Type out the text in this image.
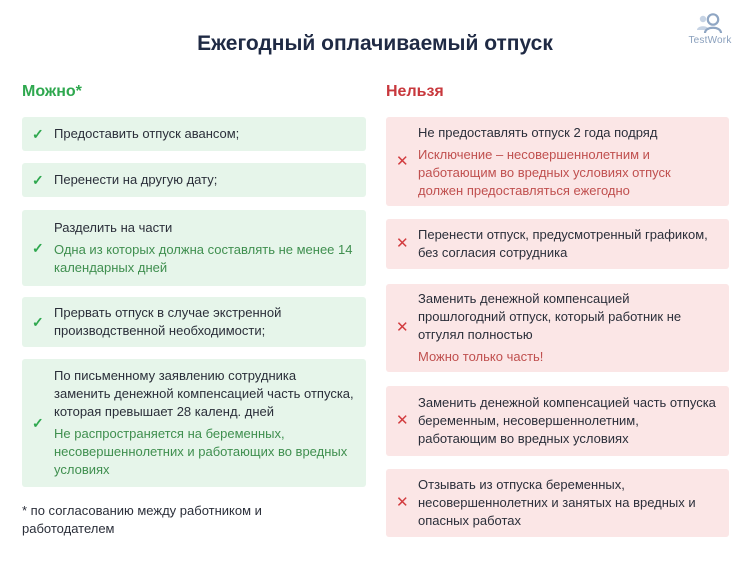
Ежегодный оплачиваемый отпуск	TestWork
Можно*	Нельзя
✓ Предоставить отпуск авансом;
✓ Перенести на другую дату;
✓
Разделить на части
Одна из которых должна составлять не менее 14 календарных дней
✓
Прервать отпуск в случае экстренной производственной необходимости;
✓
По письменному заявлению сотрудника заменить денежной компенсацией часть отпуска, которая превышает 28 календ. дней
Не распространяется на беременных, несовершеннолетних и работающих во вредных условиях
✕
Не предоставлять отпуск 2 года подряд
Исключение – несовершеннолетним и работающим во вредных условиях отпуск должен предоставляться ежегодно
✕
Перенести отпуск, предусмотренный графиком, без согласия сотрудника
✕
Заменить денежной компенсацией прошлогодний отпуск, который работник не отгулял полностью
Можно только часть!
✕
Заменить денежной компенсацией часть отпуска беременным, несовершеннолетним, работающим во вредных условиях
✕
Отзывать из отпуска беременных, несовершеннолетних и занятых на вредных и опасных работах
* по согласованию между работником и работодателем
